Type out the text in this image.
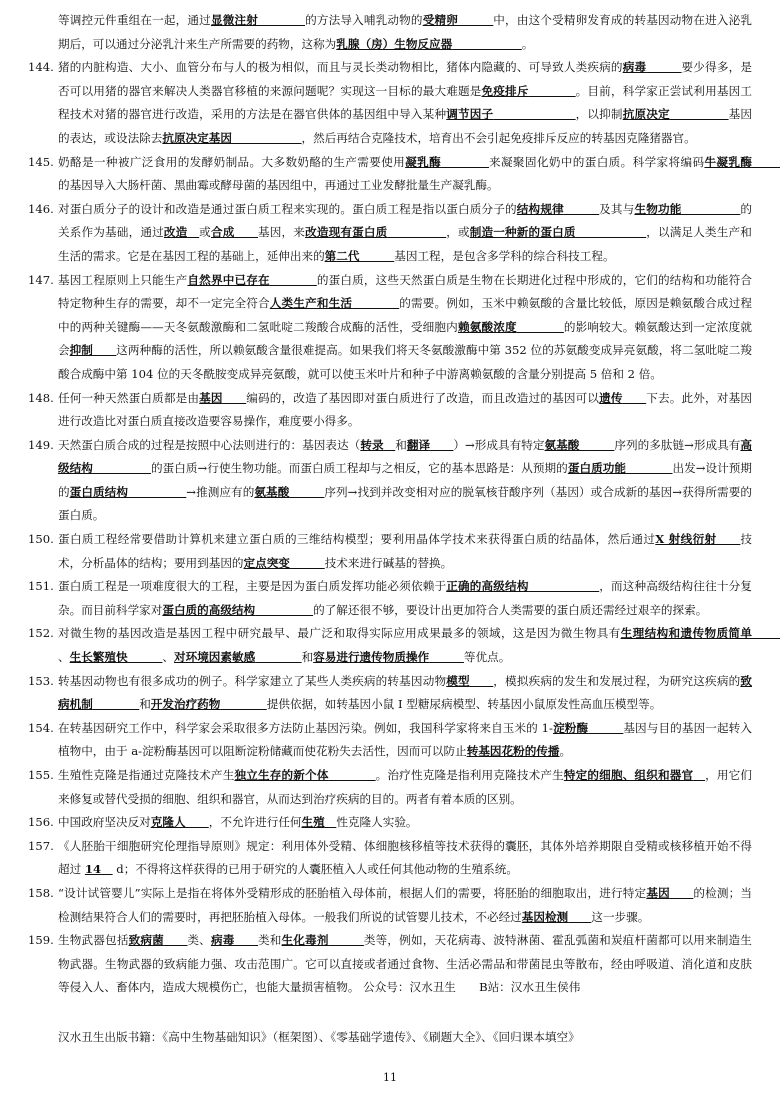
等调控元件重组在一起，通过显微注射　　　　	的方法导入哺乳动物的受精卵　　　	中，由这个受精卵发育成的转基因动物在进入泌乳期后，可以通过分泌乳汁来生产所需要的药物，这称为乳腺（房）生物反应器　　　　　　	。
144. 猪的内脏构造、大小、血管分布与人的极为相似，而且与灵长类动物相比，猪体内隐藏的、可导致人类疾病的病毒　　　	要少得多，是否可以用猪的器官来解决人类器官移植的来源问题呢？实现这一目标的最大难题是免疫排斥　　　　	。目前，科学家正尝试利用基因工程技术对猪的器官进行改造，采用的方法是在器官供体的基因组中导入某种调节因子　　　　　　　	，以抑制抗原决定　　　　　	基因的表达，或设法除去抗原决定基因　　　　　　	，然后再结合克隆技术，培育出不会引起免疫排斥反应的转基因克隆猪器官。
145. 奶酪是一种被广泛食用的发酵奶制品。大多数奶酪的生产需要使用凝乳酶　　　　	来凝聚固化奶中的蛋白质。科学家将编码牛凝乳酶　　　　的基因导入大肠杆菌、黑曲霉或酵母菌的基因组中，再通过工业发酵批量生产凝乳酶。
146. 对蛋白质分子的设计和改造是通过蛋白质工程来实现的。蛋白质工程是指以蛋白质分子的结构规律　　　	及其与生物功能　　　　　	的关系作为基础，通过改造　 或合成　　 基因，来改造现有蛋白质　　　　　	，或制造一种新的蛋白质　　　　　　	，以满足人类生产和生活的需求。它是在基因工程的基础上，延伸出来的第二代　　　	基因工程，是包含多学科的综合科技工程。
147. 基因工程原则上只能生产自然界中已存在　　　　	的蛋白质，这些天然蛋白质是生物在长期进化过程中形成的，它们的结构和功能符合特定物种生存的需要，却不一定完全符合人类生产和生活　　　　	的需要。例如，玉米中赖氨酸的含量比较低，原因是赖氨酸合成过程中的两种关键酶——天冬氨酸激酶和二氢吡啶二羧酸合成酶的活性，受细胞内赖氨酸浓度　　　　	的影响较大。赖氨酸达到一定浓度就会抑制　　 这两种酶的活性，所以赖氨酸含量很难提高。如果我们将天冬氨酸激酶中第 352 位的苏氨酸变成异亮氨酸，将二氢吡啶二羧酸合成酶中第 104 位的天冬酰胺变成异亮氨酸，就可以使玉米叶片和种子中游离赖氨酸的含量分别提高 5 倍和 2 倍。
148. 任何一种天然蛋白质都是由基因　　 编码的，改造了基因即对蛋白质进行了改造，而且改造过的基因可以遗传　　 下去。此外，对基因进行改造比对蛋白质直接改造要容易操作，难度要小得多。
149. 天然蛋白质合成的过程是按照中心法则进行的：基因表达（转录　 和翻译　　 ）→形成具有特定氨基酸　　　	序列的多肽链→形成具有高级结构　　　　　	的蛋白质→行使生物功能。而蛋白质工程却与之相反，它的基本思路是：从预期的蛋白质功能　　　　	出发→设计预期的蛋白质结构　　　　　	→推测应有的氨基酸　　　	序列→找到并改变相对应的脱氧核苷酸序列（基因）或合成新的基因→获得所需要的蛋白质。
150. 蛋白质工程经常要借助计算机来建立蛋白质的三维结构模型；要利用晶体学技术来获得蛋白质的结晶体，然后通过X 射线衍射　　 技术，分析晶体的结构；要用到基因的定点突变　　　	技术来进行碱基的替换。
151. 蛋白质工程是一项难度很大的工程，主要是因为蛋白质发挥功能必须依赖于正确的高级结构　　　　　　	，而这种高级结构往往十分复杂。而目前科学家对蛋白质的高级结构　　　　　	的了解还很不够，要设计出更加符合人类需要的蛋白质还需经过艰辛的探索。
152. 对微生物的基因改造是基因工程中研究最早、最广泛和取得实际应用成果最多的领域，这是因为微生物具有生理结构和遗传物质简单　　　、生长繁殖快　　　	、对环境因素敏感　　　　	和容易进行遗传物质操作　　　	等优点。
153. 转基因动物也有很多成功的例子。科学家建立了某些人类疾病的转基因动物模型　　 ，模拟疾病的发生和发展过程，为研究这疾病的致病机制　　　　	和开发治疗药物　　　　	提供依据，如转基因小鼠 I 型糖尿病模型、转基因小鼠原发性高血压模型等。
154. 在转基因研究工作中，科学家会采取很多方法防止基因污染。例如，我国科学家将来自玉米的 1-淀粉酶　　　	基因与目的基因一起转入植物中，由于 a-淀粉酶基因可以阻断淀粉储藏而使花粉失去活性，因而可以防止转基因花粉的传播。
155. 生殖性克隆是指通过克隆技术产生独立生存的新个体　　　　	。治疗性克隆是指利用克隆技术产生特定的细胞、组织和器官　 ，用它们来修复或替代受损的细胞、组织和器官，从而达到治疗疾病的目的。两者有着本质的区别。
156. 中国政府坚决反对克隆人　　 ，不允许进行任何生殖　 性克隆人实验。
157. 《人胚胎干细胞研究伦理指导原则》规定：利用体外受精、体细胞核移植等技术获得的囊胚，其体外培养期限自受精或核移植开始不得超过 14　 d；不得将这样获得的已用于研究的人囊胚植入人或任何其他动物的生殖系统。
158. “设计试管婴儿”实际上是指在将体外受精形成的胚胎植入母体前，根据人们的需要，将胚胎的细胞取出，进行特定基因　　 的检测；当检测结果符合人们的需要时，再把胚胎植入母体。一般我们所说的试管婴儿技术，不必经过基因检测　　 这一步骤。
159. 生物武器包括致病菌　　 类、病毒　　 类和生化毒剂　　　	类等，例如，天花病毒、波特淋菌、霍乱弧菌和炭疽杆菌都可以用来制造生物武器。生物武器的致病能力强、攻击范围广。它可以直接或者通过食物、生活必需品和带菌昆虫等散布，经由呼吸道、消化道和皮肤等侵入人、畜体内，造成大规模伤亡，也能大量损害植物。 公众号：汉水丑生　　B站：汉水丑生侯伟
汉水丑生出版书籍：《高中生物基础知识》（框架图）、《零基础学遗传》、《刷题大全》、《回归课本填空》
11
